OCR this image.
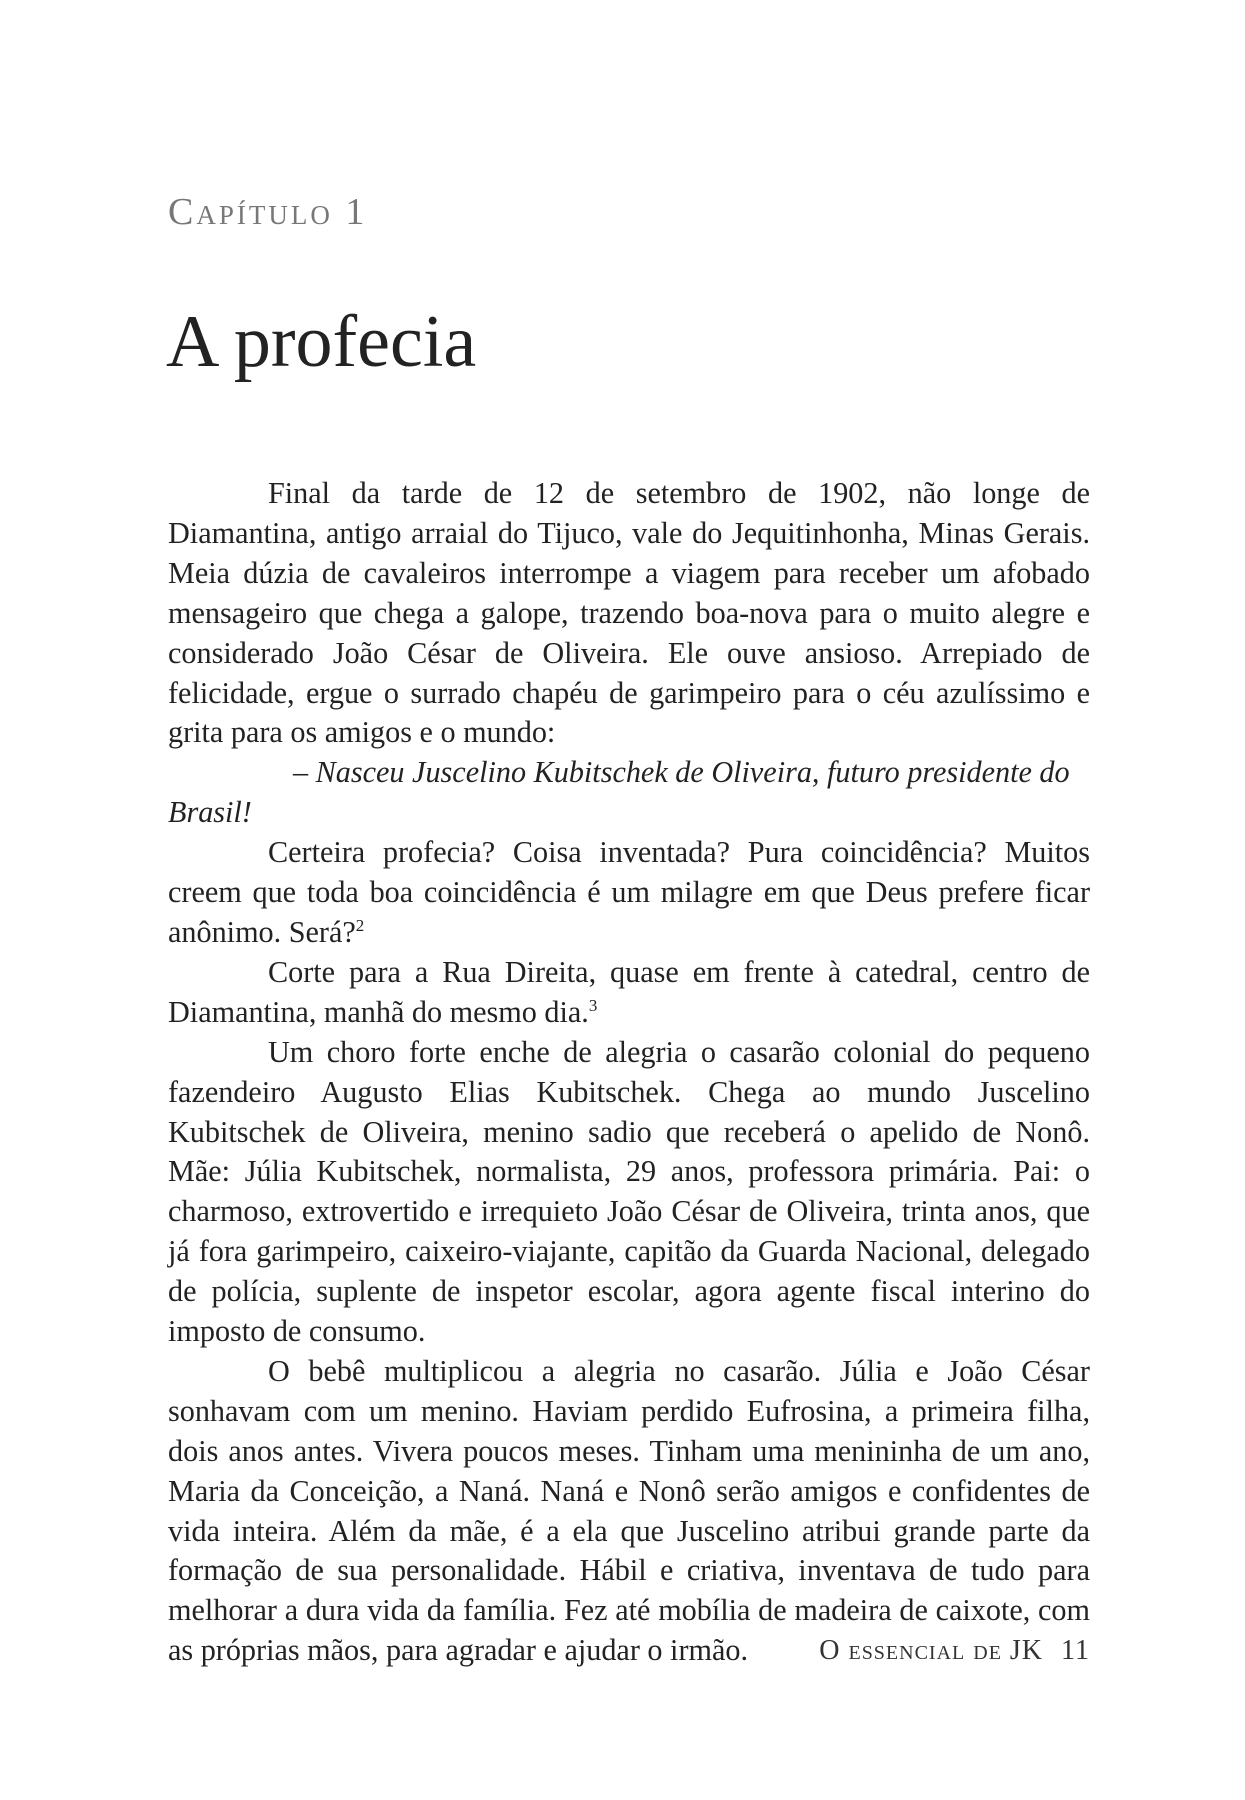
Capítulo 1
A profecia

Final da tarde de 12 de setembro de 1902, não longe de Diamantina, antigo arraial do Tijuco, vale do Jequitinhonha, Minas Gerais. Meia dúzia de cavaleiros interrompe a viagem para receber um afobado mensageiro que chega a galope, trazendo boa-nova para o muito alegre e considerado João César de Oliveira. Ele ouve ansioso. Arrepiado de felicidade, ergue o surrado chapéu de garimpeiro para o céu azulíssimo e grita para os amigos e o mundo:

– Nasceu Juscelino Kubitschek de Oliveira, futuro presidente do Brasil!

Certeira profecia? Coisa inventada? Pura coincidência? Muitos creem que toda boa coincidência é um milagre em que Deus prefere ficar anônimo. Será?$^2$

Corte para a Rua Direita, quase em frente à catedral, centro de Diamantina, manhã do mesmo dia.$^3$

Um choro forte enche de alegria o casarão colonial do pequeno fazendeiro Augusto Elias Kubitschek. Chega ao mundo Juscelino Kubitschek de Oliveira, menino sadio que receberá o apelido de Nonô. Mãe: Júlia Kubitschek, normalista, 29 anos, professora primária. Pai: o charmoso, extrovertido e irrequieto João César de Oliveira, trinta anos, que já fora garimpeiro, caixeiro-viajante, capitão da Guarda Nacional, delegado de polícia, suplente de inspetor escolar, agora agente fiscal interino do imposto de consumo.

O bebê multiplicou a alegria no casarão. Júlia e João César sonhavam com um menino. Haviam perdido Eufrosina, a primeira filha, dois anos antes. Vivera poucos meses. Tinham uma menininha de um ano, Maria da Conceição, a Naná. Naná e Nonô serão amigos e confidentes de vida inteira. Além da mãe, é a ela que Juscelino atribui grande parte da formação de sua personalidade. Hábil e criativa, inventava de tudo para melhorar a dura vida da família. Fez até mobília de madeira de caixote, com as próprias mãos, para agradar e ajudar o irmão.	O essencial de JK 11
